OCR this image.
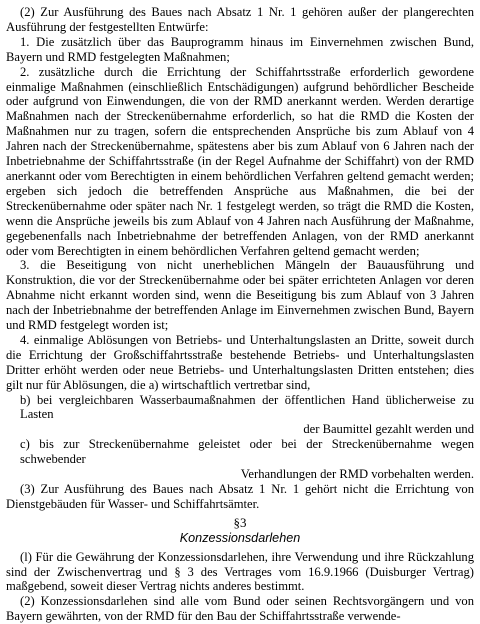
(2) Zur Ausführung des Baues nach Absatz 1 Nr. 1 gehören außer der plangerechten Ausführung der festgestellten Entwürfe:

1. Die zusätzlich über das Bauprogramm hinaus im Einvernehmen zwischen Bund, Bayern und RMD festgelegten Maßnahmen;

2. zusätzliche durch die Errichtung der Schiffahrtsstraße erforderlich gewordene einmalige Maßnahmen (einschließlich Entschädigungen) aufgrund behördlicher Bescheide oder aufgrund von Einwendungen, die von der RMD anerkannt werden. Werden derartige Maßnahmen nach der Streckenübernahme erforderlich, so hat die RMD die Kosten der Maßnahmen nur zu tragen, sofern die entsprechenden Ansprüche bis zum Ablauf von 4 Jahren nach der Streckenübernahme, spätestens aber bis zum Ablauf von 6 Jahren nach der Inbetriebnahme der Schiffahrtsstraße (in der Regel Aufnahme der Schiffahrt) von der RMD anerkannt oder vom Berechtigten in einem behördlichen Verfahren geltend gemacht werden; ergeben sich jedoch die betreffenden Ansprüche aus Maßnahmen, die bei der Streckenübernahme oder später nach Nr. 1 festgelegt werden, so trägt die RMD die Kosten, wenn die Ansprüche jeweils bis zum Ablauf von 4 Jahren nach Ausführung der Maßnahme, gegebenenfalls nach Inbetriebnahme der betreffenden Anlagen, von der RMD anerkannt oder vom Berechtigten in einem behördlichen Verfahren geltend gemacht werden;

3. die Beseitigung von nicht unerheblichen Mängeln der Bauausführung und Konstruktion, die vor der Streckenübernahme oder bei später errichteten Anlagen vor deren Abnahme nicht erkannt worden sind, wenn die Beseitigung bis zum Ablauf von 3 Jahren nach der Inbetriebnahme der betreffenden Anlage im Einvernehmen zwischen Bund, Bayern und RMD festgelegt worden ist;

4. einmalige Ablösungen von Betriebs- und Unterhaltungslasten an Dritte, soweit durch die Errichtung der Großschiffahrtsstraße bestehende Betriebs- und Unterhaltungslasten Dritter erhöht werden oder neue Betriebs- und Unterhaltungslasten Dritten entstehen; dies gilt nur für Ablösungen, die a) wirtschaftlich vertretbar sind,

b) bei vergleichbaren Wasserbaumaßnahmen der öffentlichen Hand üblicherweise zu Lasten

der Baumittel gezahlt werden und

c) bis zur Streckenübernahme geleistet oder bei der Streckenübernahme wegen schwebender

Verhandlungen der RMD vorbehalten werden.

(3) Zur Ausführung des Baues nach Absatz 1 Nr. 1 gehört nicht die Errichtung von Dienstgebäuden für Wasser- und Schiffahrtsämter.

§3

Konzessionsdarlehen

(l) Für die Gewährung der Konzessionsdarlehen, ihre Verwendung und ihre Rückzahlung sind der Zwischenvertrag und § 3 des Vertrages vom 16.9.1966 (Duisburger Vertrag) maßgebend, soweit dieser Vertrag nichts anderes bestimmt.

(2) Konzessionsdarlehen sind alle vom Bund oder seinen Rechtsvorgängern und von Bayern gewährten, von der RMD für den Bau der Schiffahrtsstraße verwende-
